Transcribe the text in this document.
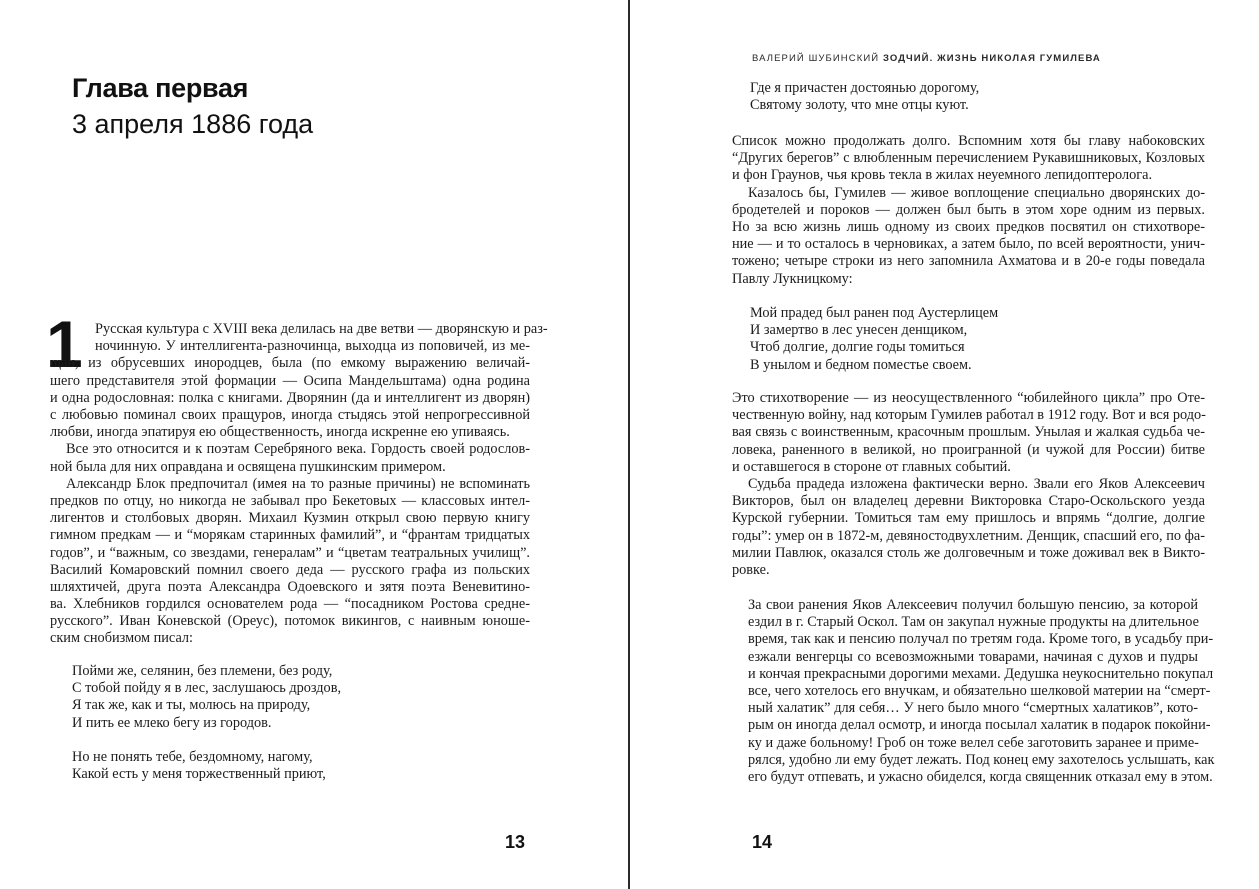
Глава первая
3 апреля 1886 года
1 Русская культура с XVIII века делилась на две ветви — дворянскую и раз-
ночинную. У интеллигента-разночинца, выходца из поповичей, из ме-
щан, из обрусевших инородцев, была (по емкому выражению величай-
шего представителя этой формации — Осипа Мандельштама) одна родина
и одна родословная: полка с книгами. Дворянин (да и интеллигент из дворян)
с любовью поминал своих пращуров, иногда стыдясь этой непрогрессивной
любви, иногда эпатируя ею общественность, иногда искренне ею упиваясь.
Все это относится и к поэтам Серебряного века. Гордость своей родослов-
ной была для них оправдана и освящена пушкинским примером.
Александр Блок предпочитал (имея на то разные причины) не вспоминать
предков по отцу, но никогда не забывал про Бекетовых — классовых интел-
лигентов и столбовых дворян. Михаил Кузмин открыл свою первую книгу
гимном предкам — и “морякам старинных фамилий”, и “франтам тридцатых
годов”, и “важным, со звездами, генералам” и “цветам театральных училищ”.
Василий Комаровский помнил своего деда — русского графа из польских
шляхтичей, друга поэта Александра Одоевского и зятя поэта Веневитино-
ва. Хлебников гордился основателем рода — “посадником Ростова средне-
русского”. Иван Коневской (Ореус), потомок викингов, с наивным юноше-
ским снобизмом писал:
Пойми же, селянин, без племени, без роду,
С тобой пойду я в лес, заслушаюсь дроздов,
Я так же, как и ты, молюсь на природу,
И пить ее млеко бегу из городов.
Но не понять тебе, бездомному, нагому,
Какой есть у меня торжественный приют,
13
ВАЛЕРИЙ ШУБИНСКИЙ ЗОДЧИЙ. ЖИЗНЬ НИКОЛАЯ ГУМИЛЕВА
Где я причастен достоянью дорогому,
Святому золоту, что мне отцы куют.
Список можно продолжать долго. Вспомним хотя бы главу набоковских
“Других берегов” с влюбленным перечислением Рукавишниковых, Козловых
и фон Граунов, чья кровь текла в жилах неуемного лепидоптеролога.
Казалось бы, Гумилев — живое воплощение специально дворянских до-
бродетелей и пороков — должен был быть в этом хоре одним из первых.
Но за всю жизнь лишь одному из своих предков посвятил он стихотворе-
ние — и то осталось в черновиках, а затем было, по всей вероятности, унич-
тожено; четыре строки из него запомнила Ахматова и в 20-е годы поведала
Павлу Лукницкому:
Мой прадед был ранен под Аустерлицем
И замертво в лес унесен денщиком,
Чтоб долгие, долгие годы томиться
В унылом и бедном поместье своем.
Это стихотворение — из неосуществленного “юбилейного цикла” про Оте-
чественную войну, над которым Гумилев работал в 1912 году. Вот и вся родо-
вая связь с воинственным, красочным прошлым. Унылая и жалкая судьба че-
ловека, раненного в великой, но проигранной (и чужой для России) битве
и оставшегося в стороне от главных событий.
Судьба прадеда изложена фактически верно. Звали его Яков Алексеевич
Викторов, был он владелец деревни Викторовка Старо-Оскольского уезда
Курской губернии. Томиться там ему пришлось и впрямь “долгие, долгие
годы”: умер он в 1872-м, девяностодвухлетним. Денщик, спасший его, по фа-
милии Павлюк, оказался столь же долговечным и тоже доживал век в Викто-
ровке.
За свои ранения Яков Алексеевич получил большую пенсию, за которой
ездил в г. Старый Оскол. Там он закупал нужные продукты на длительное
время, так как и пенсию получал по третям года. Кроме того, в усадьбу при-
езжали венгерцы со всевозможными товарами, начиная с духов и пудры
и кончая прекрасными дорогими мехами. Дедушка неукоснительно покупал
все, чего хотелось его внучкам, и обязательно шелковой материи на “смерт-
ный халатик” для себя… У него было много “смертных халатиков”, кото-
рым он иногда делал осмотр, и иногда посылал халатик в подарок покойни-
ку и даже больному! Гроб он тоже велел себе заготовить заранее и приме-
рялся, удобно ли ему будет лежать. Под конец ему захотелось услышать, как
его будут отпевать, и ужасно обиделся, когда священник отказал ему в этом.
14
